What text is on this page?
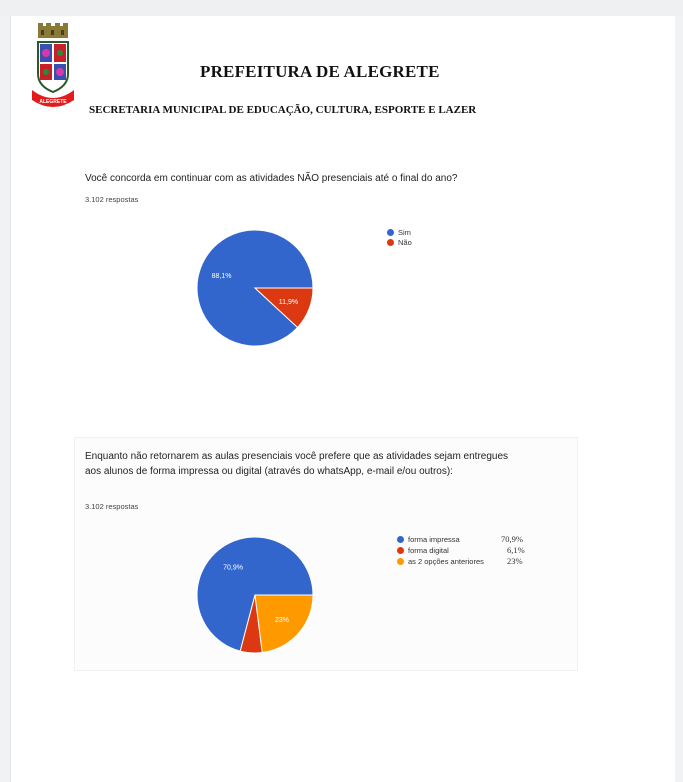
ALEGRETE
PREFEITURA DE ALEGRETE
SECRETARIA MUNICIPAL DE EDUCAÇÃO, CULTURA, ESPORTE E LAZER
Você concorda em continuar com as atividades NÃO presenciais até o final do ano?
3.102 respostas
88,1%
11,9%
Sim
Não
Enquanto não retornarem as aulas presenciais você prefere que as atividades sejam entregues aos alunos de forma impressa ou digital (através do whatsApp, e-mail e/ou outros):
3.102 respostas
70,9%
23%
forma impressa
forma digital
as 2 opções anteriores
70,9%
6,1%
23%
